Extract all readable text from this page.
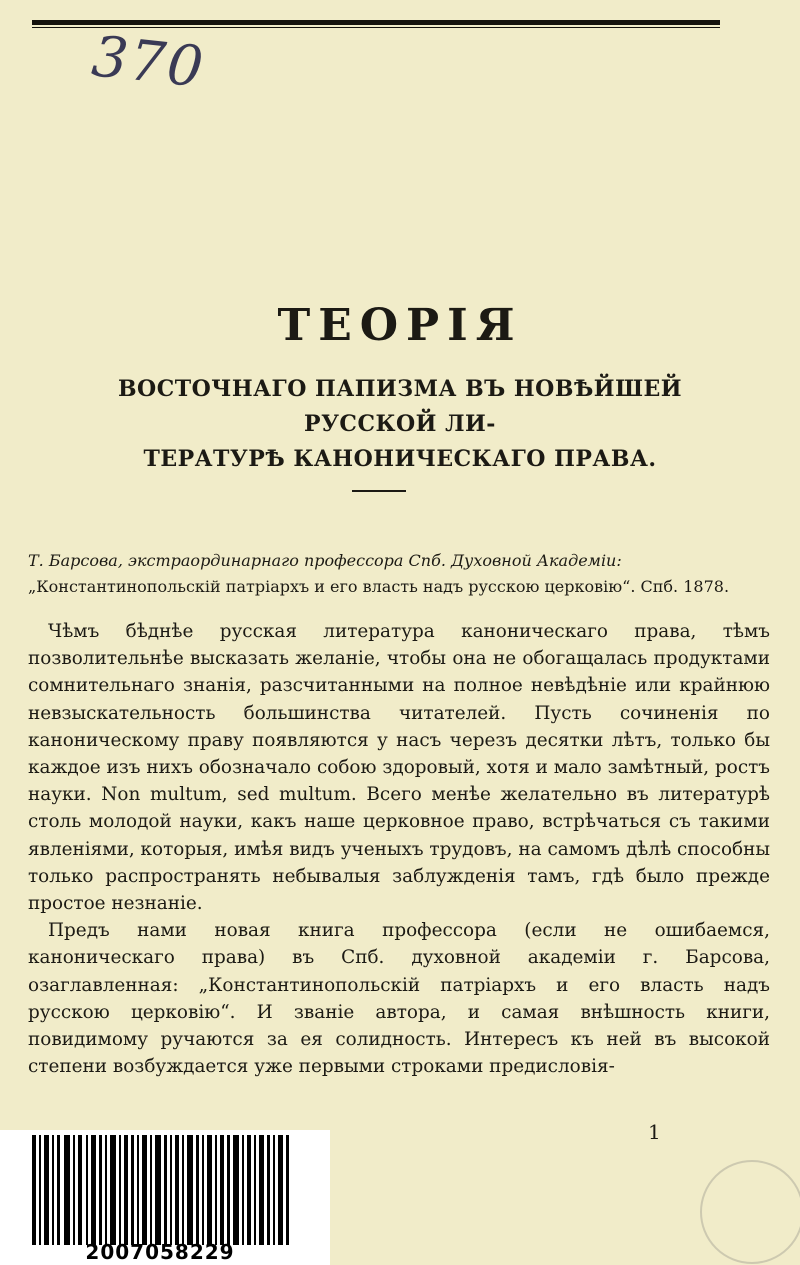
370
ТЕОРІЯ
ВОСТОЧНАГО ПАПИЗМА ВЪ НОВѢЙШЕЙ РУССКОЙ ЛИ-
ТЕРАТУРѢ КАНОНИЧЕСКАГО ПРАВА.
Т. Барсова, экстраординарнаго профессора Спб. Духовной Академіи:
„Константинопольскій патріархъ и его власть надъ русскою церковію“. Спб. 1878.

Чѣмъ бѣднѣе русская литература каноническаго права, тѣмъ позволительнѣе высказать желаніе, чтобы она не обогащалась продуктами сомнительнаго знанія, разсчитанными на полное невѣдѣніе или крайнюю невзыскательность большинства читателей. Пусть сочиненія по каноническому праву появляются у насъ черезъ десятки лѣтъ, только бы каждое изъ нихъ обозначало собою здоровый, хотя и мало замѣтный, ростъ науки. Non multum, sed multum. Всего менѣе желательно въ литературѣ столь молодой науки, какъ наше церковное право, встрѣчаться съ такими явленіями, которыя, имѣя видъ ученыхъ трудовъ, на самомъ дѣлѣ способны только распространять небывалыя заблужденія тамъ, гдѣ было прежде простое незнаніе.

Предъ нами новая книга профессора (если не ошибаемся, каноническаго права) въ Спб. духовной академіи г. Барсова, озаглавленная: „Константинопольскій патріархъ и его власть надъ русскою церковію“. И званіе автора, и самая внѣшность книги, повидимому ручаются за ея солидность. Интересъ къ ней въ высокой степени возбуждается уже первыми строками предисловія-

1
2007058229
